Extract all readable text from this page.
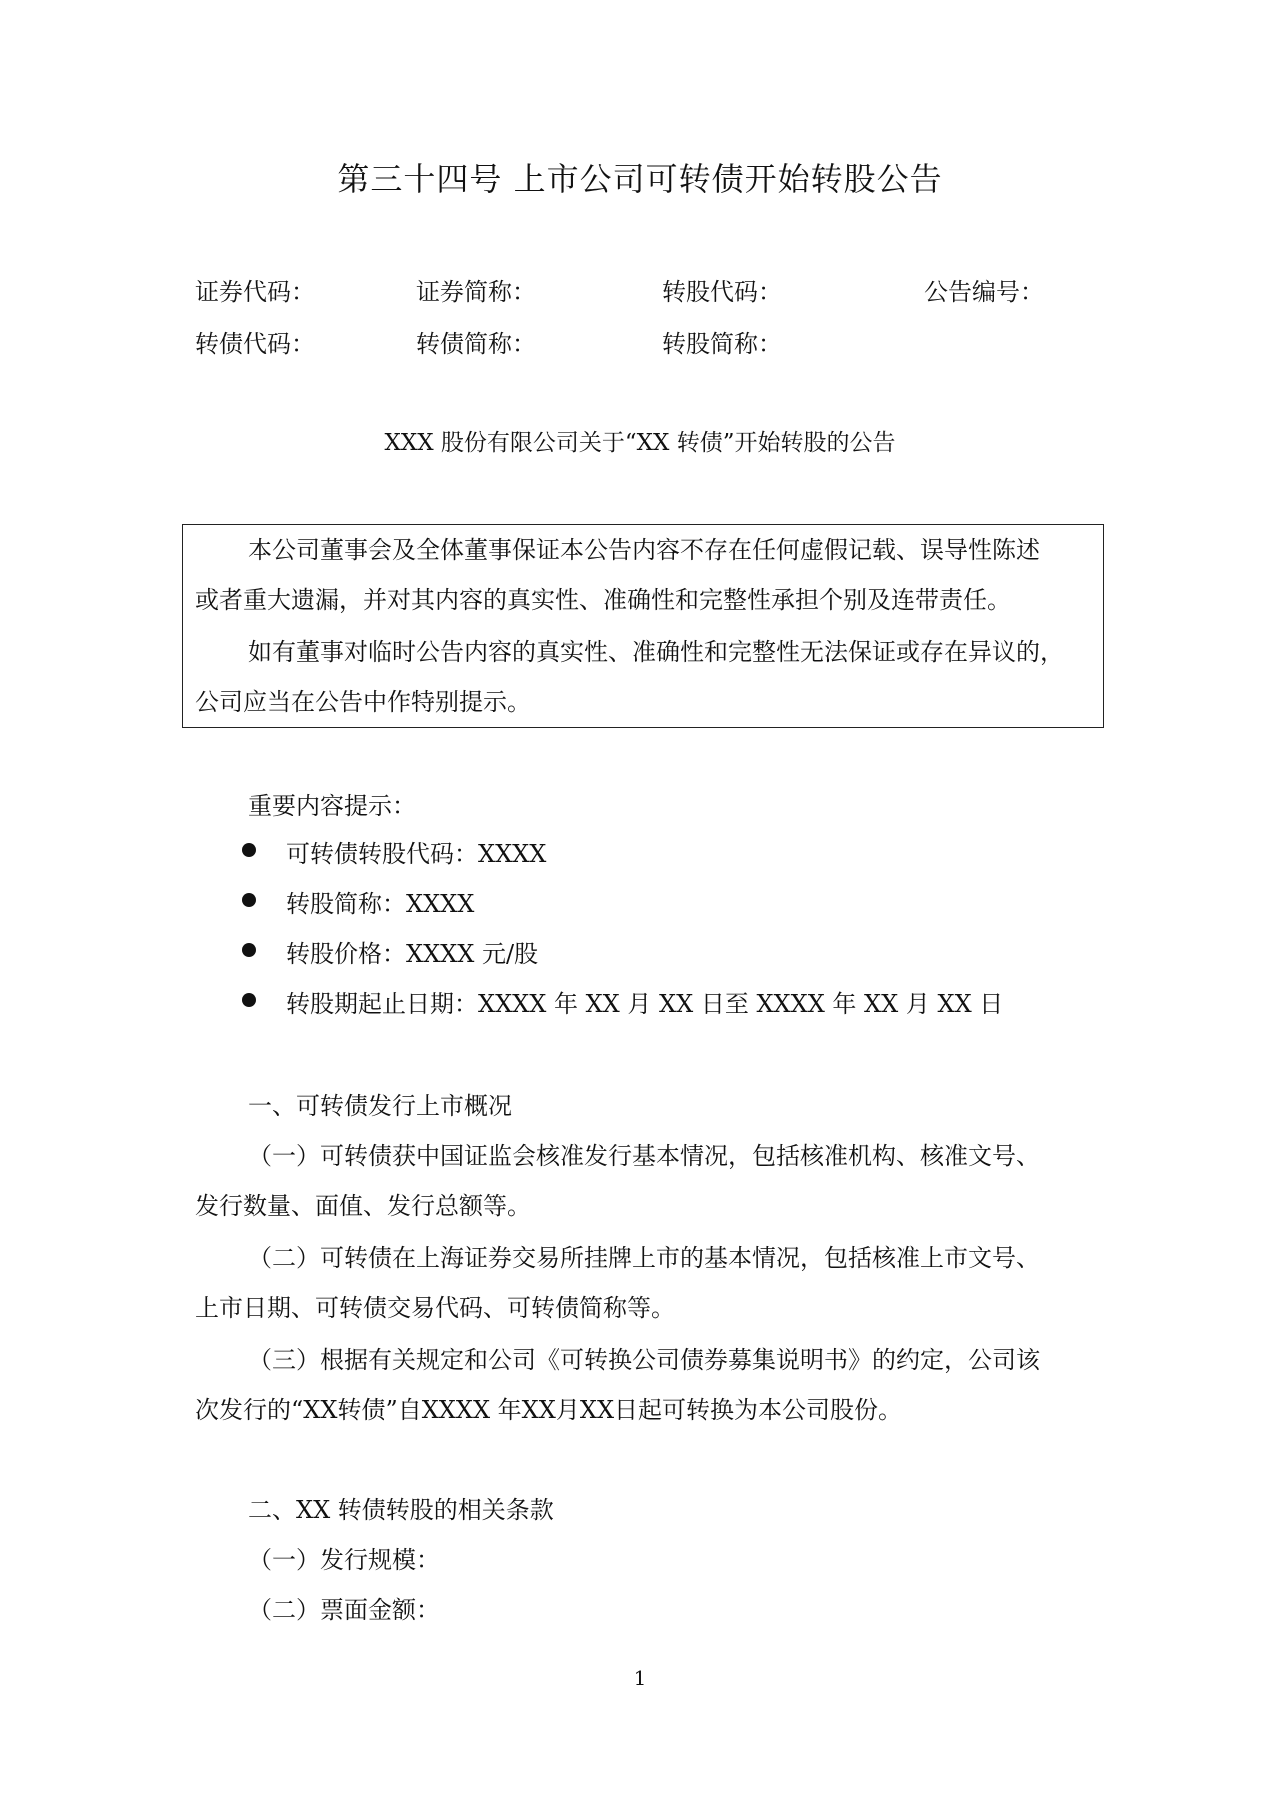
第三十四号 上市公司可转债开始转股公告
证券代码：	证券简称：	转股代码：	公告编号：
转债代码：	转债简称：	转股简称：
XXX 股份有限公司关于“XX 转债”开始转股的公告
本公司董事会及全体董事保证本公告内容不存在任何虚假记载、误导性陈述
或者重大遗漏，并对其内容的真实性、准确性和完整性承担个别及连带责任。
如有董事对临时公告内容的真实性、准确性和完整性无法保证或存在异议的，
公司应当在公告中作特别提示。
重要内容提示：
可转债转股代码：XXXX
转股简称：XXXX
转股价格：XXXX 元/股
转股期起止日期：XXXX 年 XX 月 XX 日至 XXXX 年 XX 月 XX 日
一、可转债发行上市概况
（一）可转债获中国证监会核准发行基本情况，包括核准机构、核准文号、
发行数量、面值、发行总额等。
（二）可转债在上海证券交易所挂牌上市的基本情况，包括核准上市文号、
上市日期、可转债交易代码、可转债简称等。
（三）根据有关规定和公司《可转换公司债券募集说明书》的约定，公司该
次发行的“XX转债”自XXXX 年XX月XX日起可转换为本公司股份。
二、XX 转债转股的相关条款
（一）发行规模：
（二）票面金额：
1
